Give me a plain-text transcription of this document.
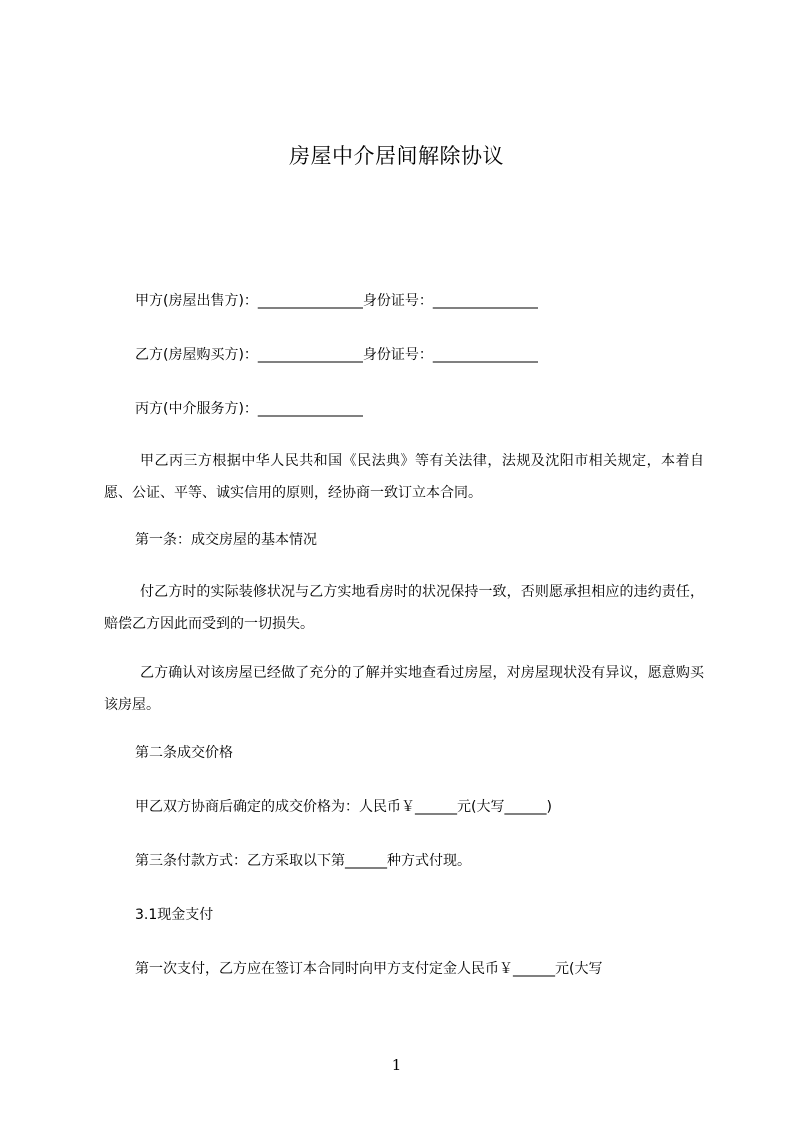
房屋中介居间解除协议

甲方(房屋出售方)：_______________身份证号：_______________

乙方(房屋购买方)：_______________身份证号：_______________

丙方(中介服务方)：_______________

甲乙丙三方根据中华人民共和国《民法典》等有关法律，法规及沈阳市相关规定，本着自愿、公证、平等、诚实信用的原则，经协商一致订立本合同。

第一条：成交房屋的基本情况

付乙方时的实际装修状况与乙方实地看房时的状况保持一致，否则愿承担相应的违约责任，赔偿乙方因此而受到的一切损失。

乙方确认对该房屋已经做了充分的了解并实地查看过房屋，对房屋现状没有异议，愿意购买该房屋。

第二条成交价格

甲乙双方协商后确定的成交价格为：人民币￥______元(大写______)

第三条付款方式：乙方采取以下第______种方式付现。

3.1现金支付

第一次支付，乙方应在签订本合同时向甲方支付定金人民币￥______元(大写

1
